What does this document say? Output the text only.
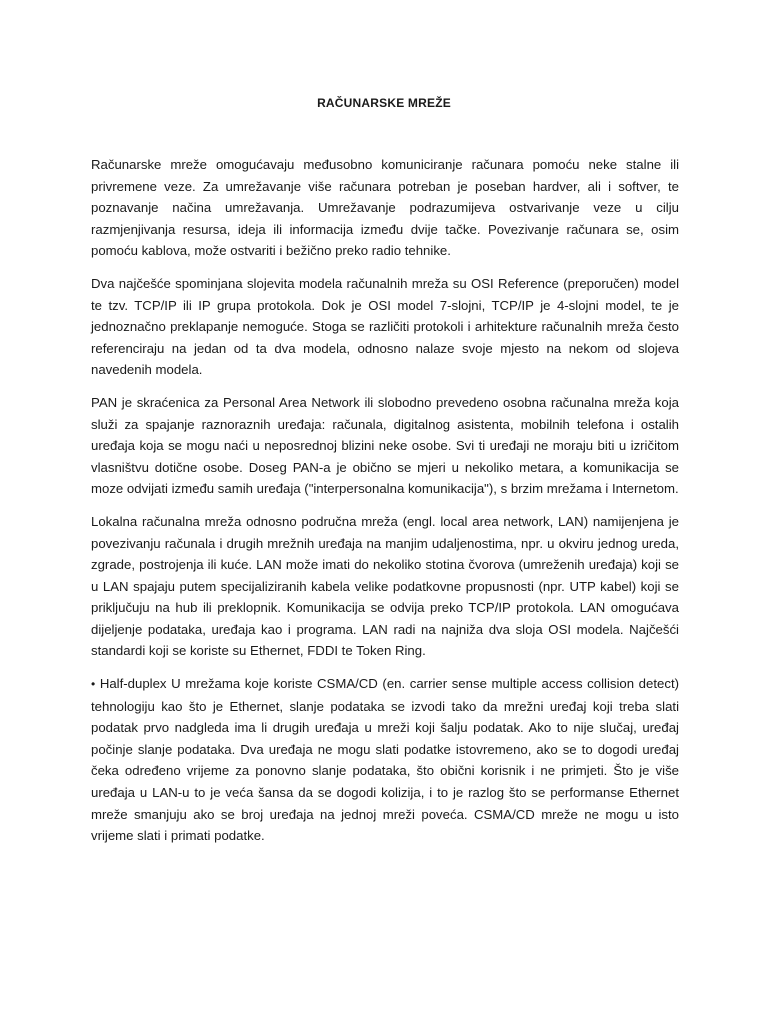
RAČUNARSKE MREŽE

Računarske mreže omogućavaju međusobno komuniciranje računara pomoću neke stalne ili privremene veze. Za umrežavanje više računara potreban je poseban hardver, ali i softver, te poznavanje načina umrežavanja. Umrežavanje podrazumijeva ostvarivanje veze u cilju razmjenjivanja resursa, ideja ili informacija između dvije tačke. Povezivanje računara se, osim pomoću kablova, može ostvariti i bežično preko radio tehnike.

Dva najčešće spominjana slojevita modela računalnih mreža su OSI Reference (preporučen) model te tzv. TCP/IP ili IP grupa protokola. Dok je OSI model 7-slojni, TCP/IP je 4-slojni model, te je jednoznačno preklapanje nemoguće. Stoga se različiti protokoli i arhitekture računalnih mreža često referenciraju na jedan od ta dva modela, odnosno nalaze svoje mjesto na nekom od slojeva navedenih modela.

PAN je skraćenica za Personal Area Network ili slobodno prevedeno osobna računalna mreža koja služi za spajanje raznoraznih uređaja: računala, digitalnog asistenta, mobilnih telefona i ostalih uređaja koja se mogu naći u neposrednoj blizini neke osobe. Svi ti uređaji ne moraju biti u izričitom vlasništvu dotične osobe. Doseg PAN-a je obično se mjeri u nekoliko metara, a komunikacija se moze odvijati između samih uređaja ("interpersonalna komunikacija"), s brzim mrežama i Internetom.

Lokalna računalna mreža odnosno područna mreža (engl. local area network, LAN) namijenjena je povezivanju računala i drugih mrežnih uređaja na manjim udaljenostima, npr. u okviru jednog ureda, zgrade, postrojenja ili kuće. LAN može imati do nekoliko stotina čvorova (umreženih uređaja) koji se u LAN spajaju putem specijaliziranih kabela velike podatkovne propusnosti (npr. UTP kabel) koji se priključuju na hub ili preklopnik. Komunikacija se odvija preko TCP/IP protokola. LAN omogućava dijeljenje podataka, uređaja kao i programa. LAN radi na najniža dva sloja OSI modela. Najčešći standardi koji se koriste su Ethernet, FDDI te Token Ring.

• Half-duplex U mrežama koje koriste CSMA/CD (en. carrier sense multiple access collision detect) tehnologiju kao što je Ethernet, slanje podataka se izvodi tako da mrežni uređaj koji treba slati podatak prvo nadgleda ima li drugih uređaja u mreži koji šalju podatak. Ako to nije slučaj, uređaj počinje slanje podataka. Dva uređaja ne mogu slati podatke istovremeno, ako se to dogodi uređaj čeka određeno vrijeme za ponovno slanje podataka, što obični korisnik i ne primjeti. Što je više uređaja u LAN-u to je veća šansa da se dogodi kolizija, i to je razlog što se performanse Ethernet mreže smanjuju ako se broj uređaja na jednoj mreži poveća. CSMA/CD mreže ne mogu u isto vrijeme slati i primati podatke.
